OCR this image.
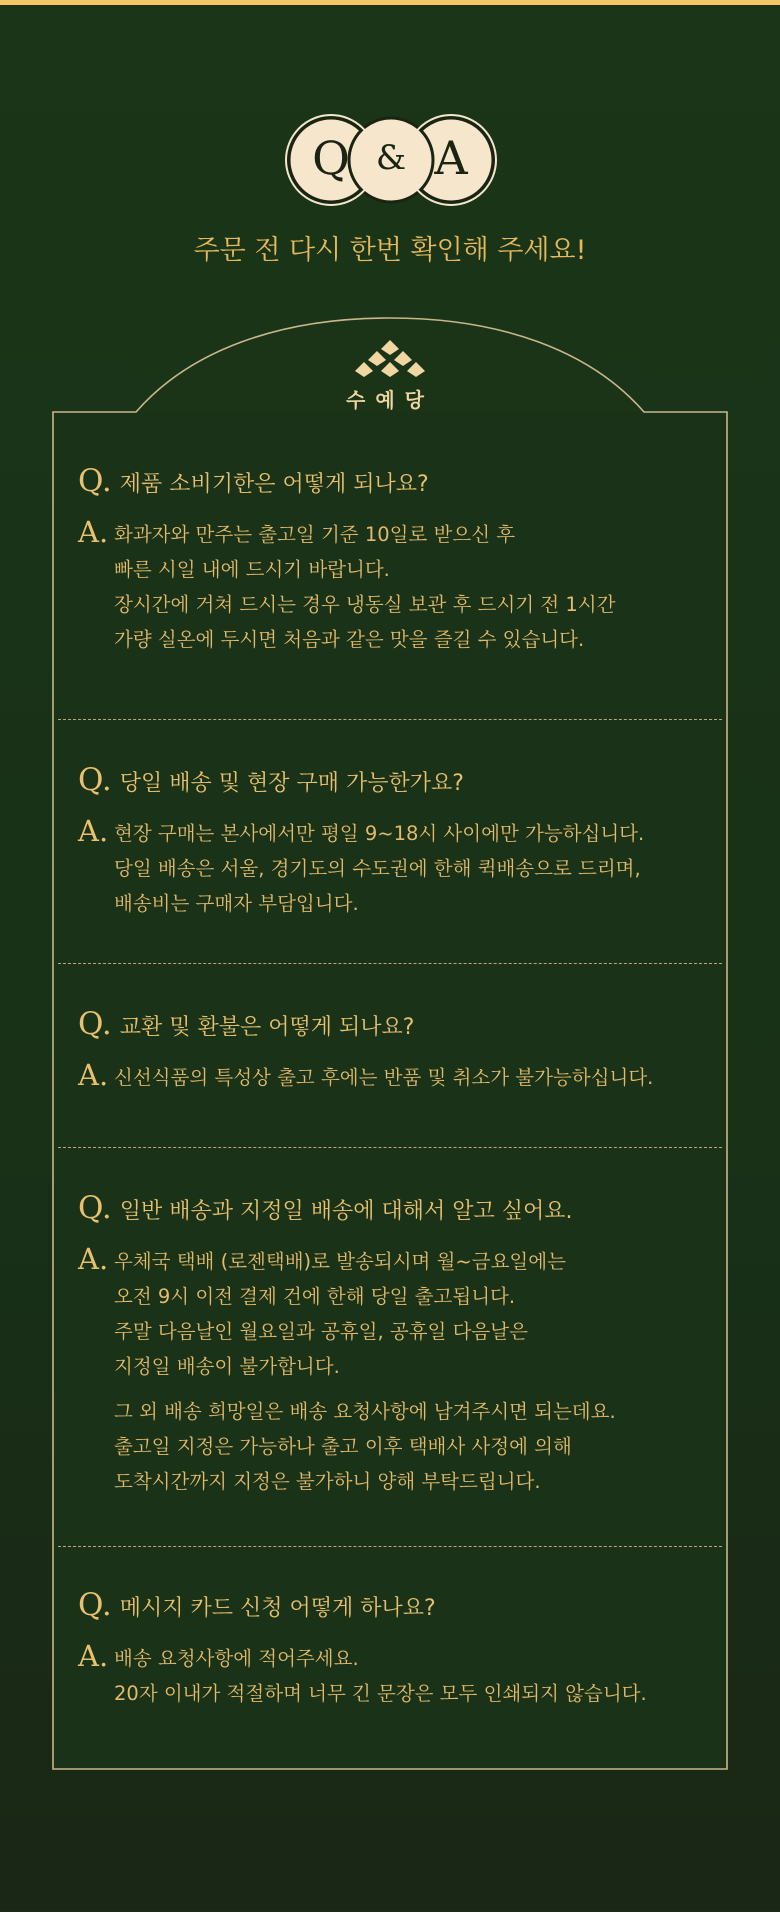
Q & A
주문 전 다시 한번 확인해 주세요!
수예당
Q. 제품 소비기한은 어떻게 되나요?
A. 화과자와 만주는 출고일 기준 10일로 받으신 후
빠른 시일 내에 드시기 바랍니다.
장시간에 거쳐 드시는 경우 냉동실 보관 후 드시기 전 1시간
가량 실온에 두시면 처음과 같은 맛을 즐길 수 있습니다.
Q. 당일 배송 및 현장 구매 가능한가요?
A. 현장 구매는 본사에서만 평일 9~18시 사이에만 가능하십니다.
당일 배송은 서울, 경기도의 수도권에 한해 퀵배송으로 드리며,
배송비는 구매자 부담입니다.
Q. 교환 및 환불은 어떻게 되나요?
A. 신선식품의 특성상 출고 후에는 반품 및 취소가 불가능하십니다.
Q. 일반 배송과 지정일 배송에 대해서 알고 싶어요.
A. 우체국 택배 (로젠택배)로 발송되시며 월~금요일에는
오전 9시 이전 결제 건에 한해 당일 출고됩니다.
주말 다음날인 월요일과 공휴일, 공휴일 다음날은
지정일 배송이 불가합니다.
그 외 배송 희망일은 배송 요청사항에 남겨주시면 되는데요.
출고일 지정은 가능하나 출고 이후 택배사 사정에 의해
도착시간까지 지정은 불가하니 양해 부탁드립니다.
Q. 메시지 카드 신청 어떻게 하나요?
A. 배송 요청사항에 적어주세요.
20자 이내가 적절하며 너무 긴 문장은 모두 인쇄되지 않습니다.
